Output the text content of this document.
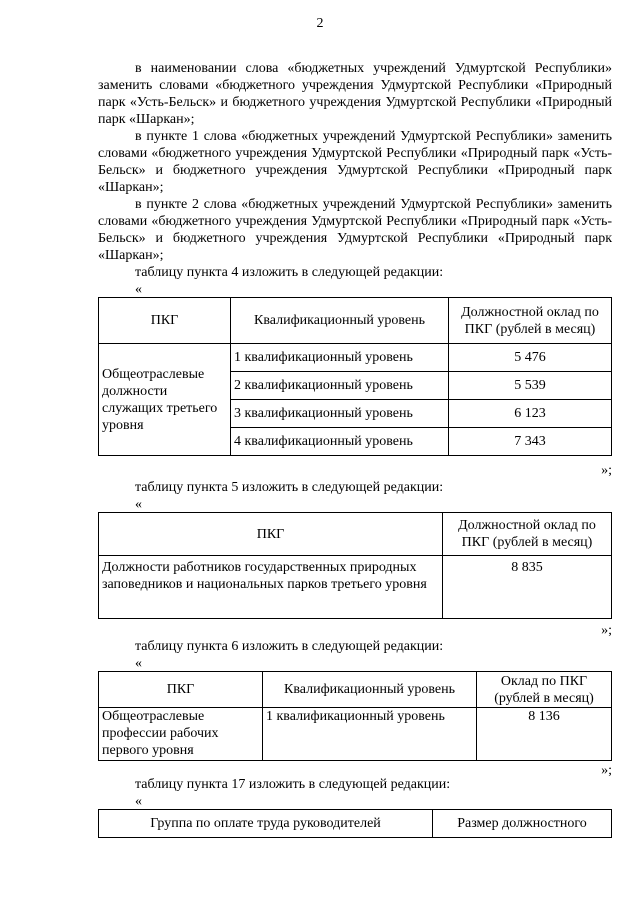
2

в наименовании слова «бюджетных учреждений Удмуртской Республики» заменить словами «бюджетного учреждения Удмуртской Республики «Природный парк «Усть-Бельск» и бюджетного учреждения Удмуртской Республики «Природный парк «Шаркан»;

в пункте 1 слова «бюджетных учреждений Удмуртской Республики» заменить словами «бюджетного учреждения Удмуртской Республики «Природный парк «Усть-Бельск» и бюджетного учреждения Удмуртской Республики «Природный парк «Шаркан»;

в пункте 2 слова «бюджетных учреждений Удмуртской Республики» заменить словами «бюджетного учреждения Удмуртской Республики «Природный парк «Усть-Бельск» и бюджетного учреждения Удмуртской Республики «Природный парк «Шаркан»;

таблицу пункта 4 изложить в следующей редакции:
«
ПКГ	Квалификационный уровень	Должностной оклад по ПКГ (рублей в месяц)
Общеотраслевые должности служащих третьего уровня	1 квалификационный уровень	5 476
	2 квалификационный уровень	5 539
	3 квалификационный уровень	6 123
	4 квалификационный уровень	7 343
»;
таблицу пункта 5 изложить в следующей редакции:
«
ПКГ	Должностной оклад по ПКГ (рублей в месяц)
Должности работников государственных природных заповедников и национальных парков третьего уровня	8 835
»;
таблицу пункта 6 изложить в следующей редакции:
«
ПКГ	Квалификационный уровень	Оклад по ПКГ (рублей в месяц)
Общеотраслевые профессии рабочих первого уровня	1 квалификационный уровень	8 136
»;
таблицу пункта 17 изложить в следующей редакции:
«
Группа по оплате труда руководителей	Размер должностного
